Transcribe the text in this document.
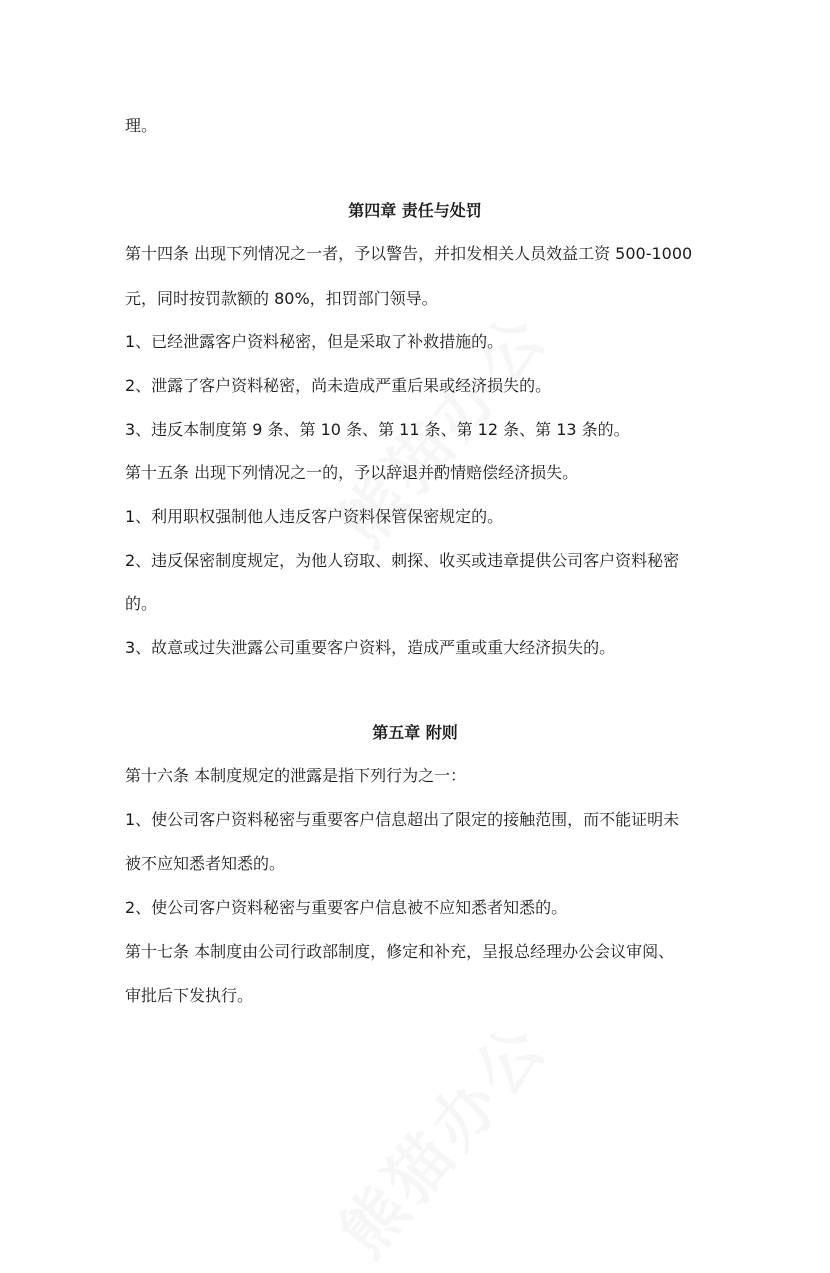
理。

第四章 责任与处罚

第十四条 出现下列情况之一者，予以警告，并扣发相关人员效益工资 500-1000

元，同时按罚款额的 80%，扣罚部门领导。

1、已经泄露客户资料秘密，但是采取了补救措施的。

2、泄露了客户资料秘密，尚未造成严重后果或经济损失的。

3、违反本制度第 9 条、第 10 条、第 11 条、第 12 条、第 13 条的。

第十五条 出现下列情况之一的，予以辞退并酌情赔偿经济损失。

1、利用职权强制他人违反客户资料保管保密规定的。

2、违反保密制度规定，为他人窃取、刺探、收买或违章提供公司客户资料秘密

的。

3、故意或过失泄露公司重要客户资料，造成严重或重大经济损失的。

第五章 附则

第十六条 本制度规定的泄露是指下列行为之一：

1、使公司客户资料秘密与重要客户信息超出了限定的接触范围，而不能证明未

被不应知悉者知悉的。

2、使公司客户资料秘密与重要客户信息被不应知悉者知悉的。

第十七条 本制度由公司行政部制度，修定和补充，呈报总经理办公会议审阅、

审批后下发执行。
